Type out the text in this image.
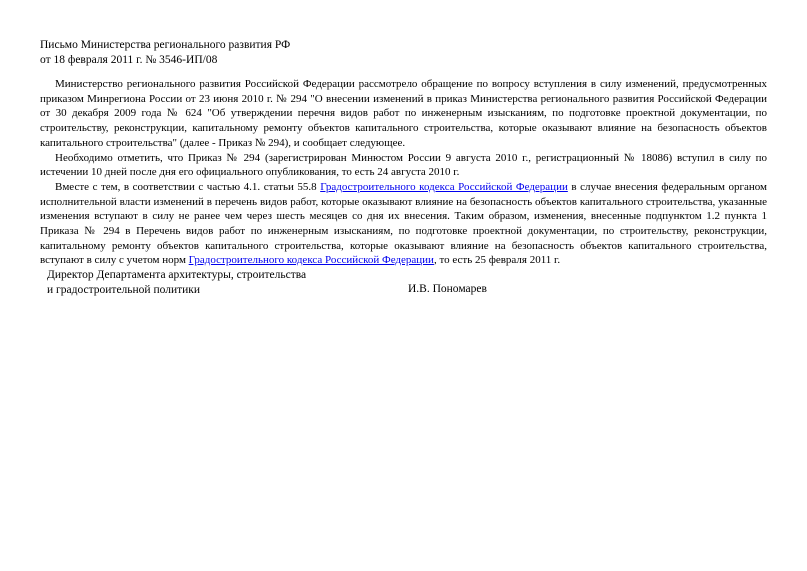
Письмо Министерства регионального развития РФ
от 18 февраля 2011 г. № 3546-ИП/08

Министерство регионального развития Российской Федерации рассмотрело обращение по вопросу вступления в силу изменений, предусмотренных приказом Минрегиона России от 23 июня 2010 г. № 294 "О внесении изменений в приказ Министерства регионального развития Российской Федерации от 30 декабря 2009 года № 624 "Об утверждении перечня видов работ по инженерным изысканиям, по подготовке проектной документации, по строительству, реконструкции, капитальному ремонту объектов капитального строительства, которые оказывают влияние на безопасность объектов капитального строительства" (далее - Приказ № 294), и сообщает следующее.

Необходимо отметить, что Приказ № 294 (зарегистрирован Минюстом России 9 августа 2010 г., регистрационный № 18086) вступил в силу по истечении 10 дней после дня его официального опубликования, то есть 24 августа 2010 г.

Вместе с тем, в соответствии с частью 4.1. статьи 55.8 Градостроительного кодекса Российской Федерации в случае внесения федеральным органом исполнительной власти изменений в перечень видов работ, которые оказывают влияние на безопасность объектов капитального строительства, указанные изменения вступают в силу не ранее чем через шесть месяцев со дня их внесения. Таким образом, изменения, внесенные подпунктом 1.2 пункта 1 Приказа № 294 в Перечень видов работ по инженерным изысканиям, по подготовке проектной документации, по строительству, реконструкции, капитальному ремонту объектов капитального строительства, которые оказывают влияние на безопасность объектов капитального строительства, вступают в силу с учетом норм Градостроительного кодекса Российской Федерации, то есть 25 февраля 2011 г.

Директор Департамента архитектуры, строительства
и градостроительной политики	И.В. Пономарев
